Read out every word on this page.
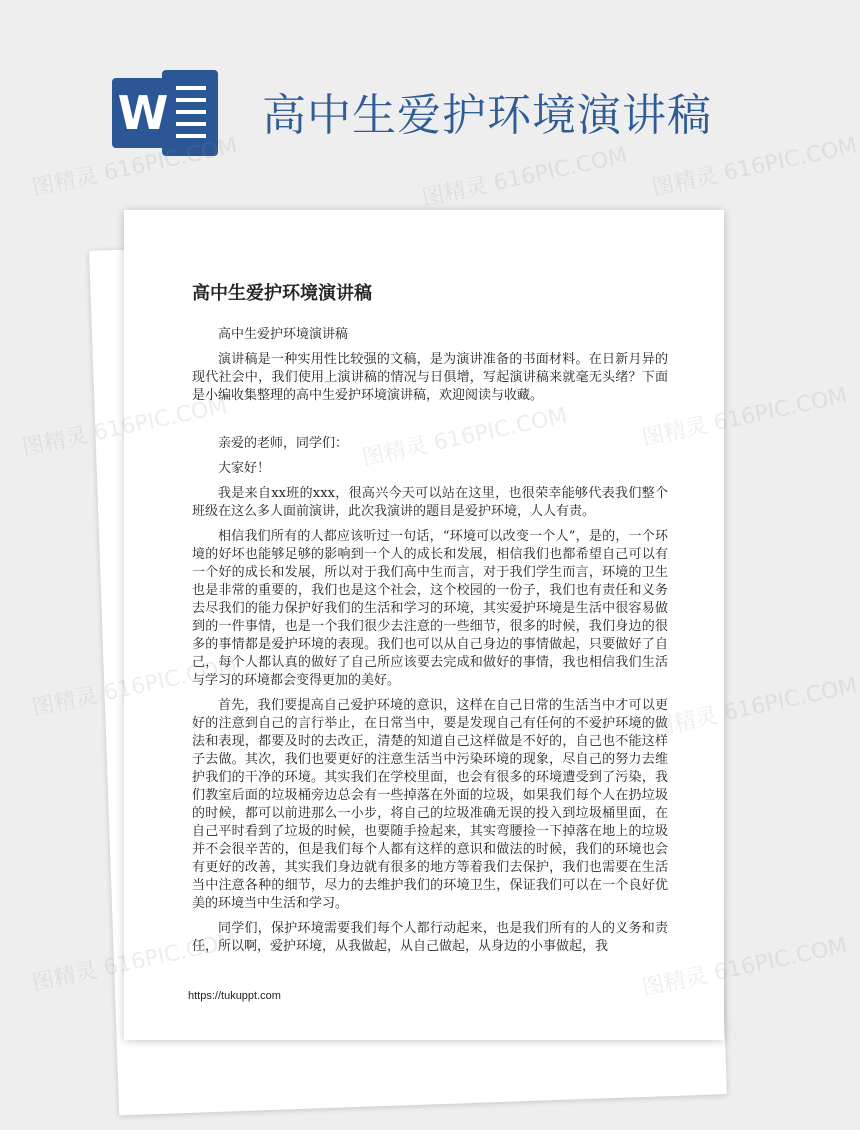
W 高中生爱护环境演讲稿
高中生爱护环境演讲稿

高中生爱护环境演讲稿

演讲稿是一种实用性比较强的文稿，是为演讲准备的书面材料。在日新月异的现代社会中，我们使用上演讲稿的情况与日俱增，写起演讲稿来就毫无头绪？下面是小编收集整理的高中生爱护环境演讲稿，欢迎阅读与收藏。

亲爱的老师，同学们：

大家好！

我是来自xx班的xxx，很高兴今天可以站在这里，也很荣幸能够代表我们整个班级在这么多人面前演讲，此次我演讲的题目是爱护环境，人人有责。

相信我们所有的人都应该听过一句话，“环境可以改变一个人”，是的，一个环境的好坏也能够足够的影响到一个人的成长和发展，相信我们也都希望自己可以有一个好的成长和发展，所以对于我们高中生而言，对于我们学生而言，环境的卫生也是非常的重要的，我们也是这个社会，这个校园的一份子，我们也有责任和义务去尽我们的能力保护好我们的生活和学习的环境，其实爱护环境是生活中很容易做到的一件事情，也是一个我们很少去注意的一些细节，很多的时候，我们身边的很多的事情都是爱护环境的表现。我们也可以从自己身边的事情做起，只要做好了自己，每个人都认真的做好了自己所应该要去完成和做好的事情，我也相信我们生活与学习的环境都会变得更加的美好。

首先，我们要提高自己爱护环境的意识，这样在自己日常的生活当中才可以更好的注意到自己的言行举止，在日常当中，要是发现自己有任何的不爱护环境的做法和表现，都要及时的去改正，清楚的知道自己这样做是不好的，自己也不能这样子去做。其次，我们也要更好的注意生活当中污染环境的现象，尽自己的努力去维护我们的干净的环境。其实我们在学校里面，也会有很多的环境遭受到了污染，我们教室后面的垃圾桶旁边总会有一些掉落在外面的垃圾，如果我们每个人在扔垃圾的时候，都可以前进那么一小步，将自己的垃圾准确无误的投入到垃圾桶里面，在自己平时看到了垃圾的时候，也要随手捡起来，其实弯腰捡一下掉落在地上的垃圾并不会很辛苦的，但是我们每个人都有这样的意识和做法的时候，我们的环境也会有更好的改善，其实我们身边就有很多的地方等着我们去保护，我们也需要在生活当中注意各种的细节，尽力的去维护我们的环境卫生，保证我们可以在一个良好优美的环境当中生活和学习。

同学们，保护环境需要我们每个人都行动起来，也是我们所有的人的义务和责任，所以啊，爱护环境，从我做起，从自己做起，从身边的小事做起，我

https://tukuppt.com
图精灵 616PIC.COM	图精灵 616PIC.COM 图精灵 616PIC.COM
图精灵	图精灵 616PIC.COM
图精灵	图精灵 616PIC.COM
图精灵	图精灵 616PIC.COM
